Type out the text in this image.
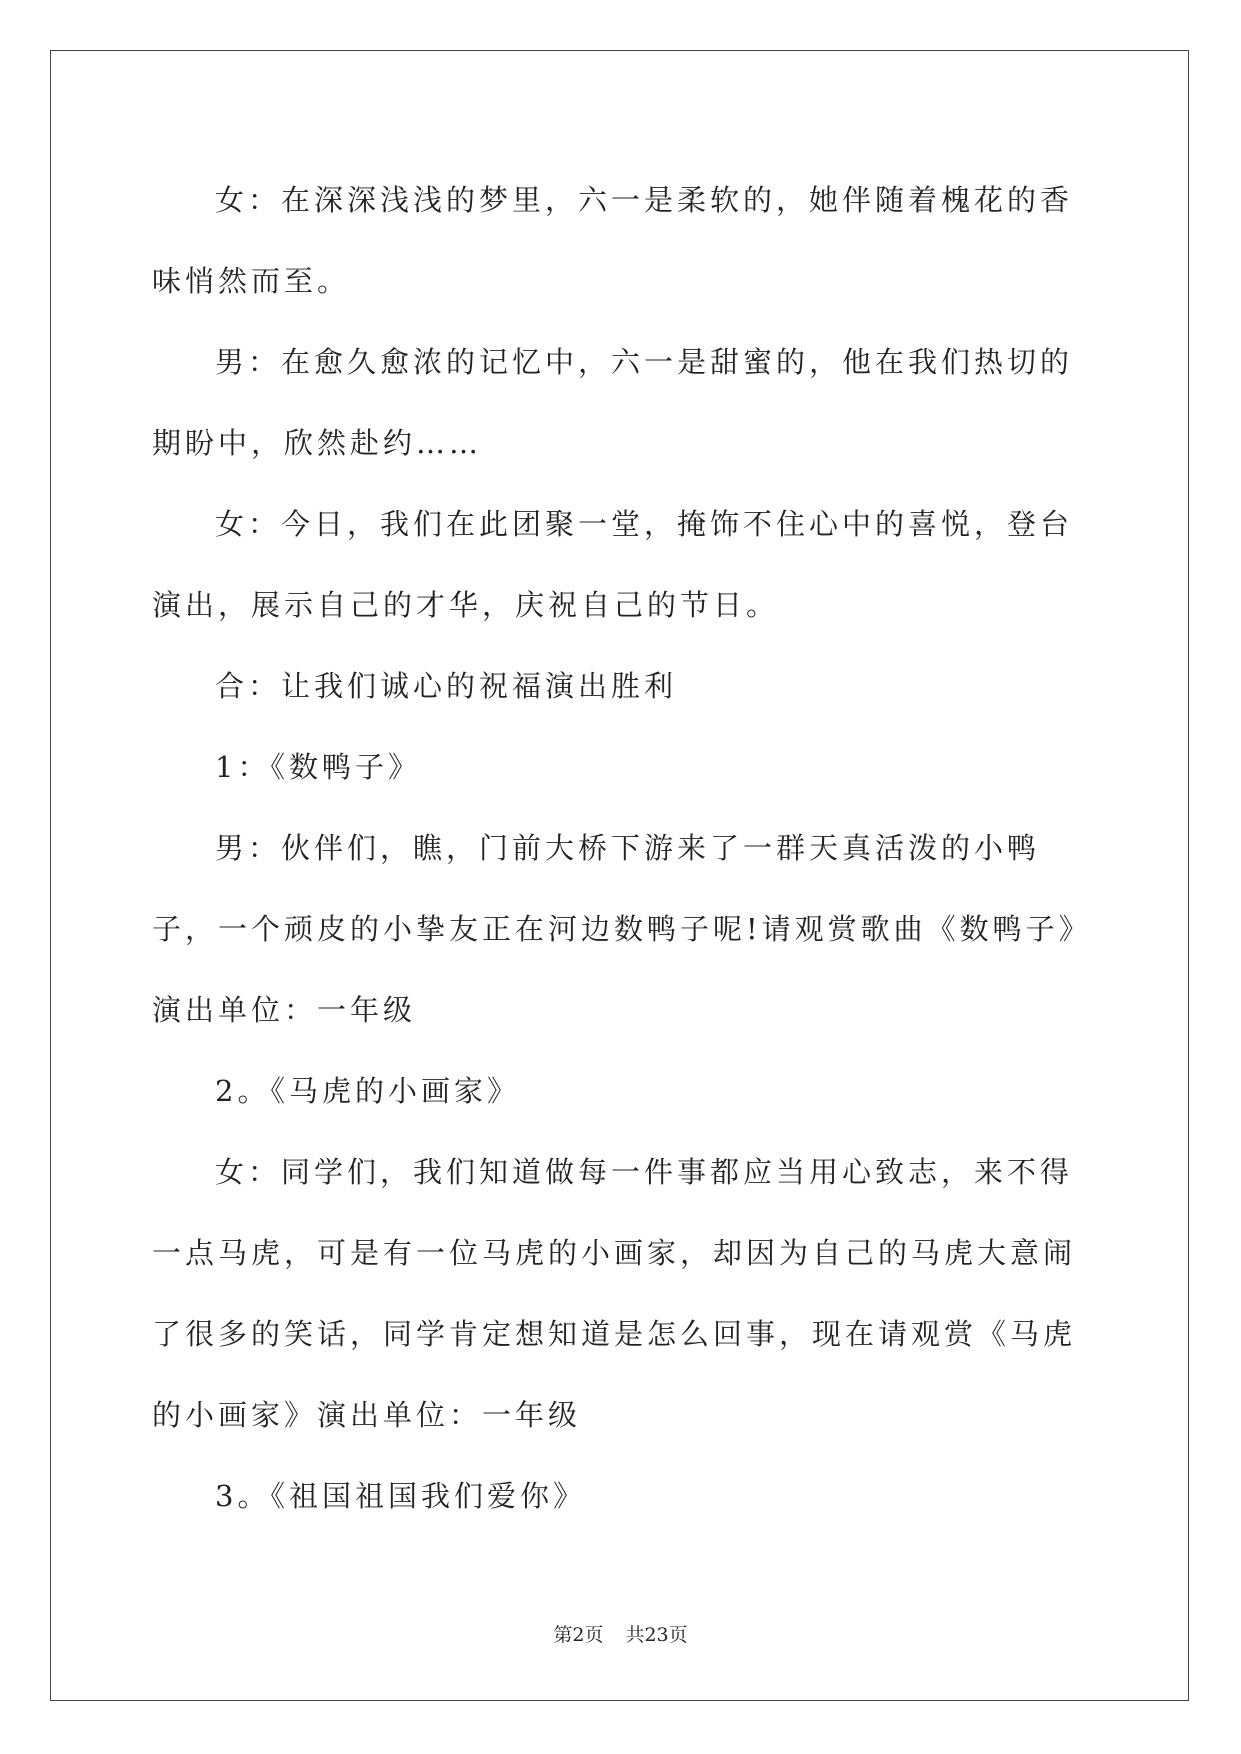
女：在深深浅浅的梦里，六一是柔软的，她伴随着槐花的香味悄然而至。

男：在愈久愈浓的记忆中，六一是甜蜜的，他在我们热切的期盼中，欣然赴约……

女：今日，我们在此团聚一堂，掩饰不住心中的喜悦，登台演出，展示自己的才华，庆祝自己的节日。

合：让我们诚心的祝福演出胜利

1：《数鸭子》

男：伙伴们，瞧，门前大桥下游来了一群天真活泼的小鸭子，一个顽皮的小挚友正在河边数鸭子呢!请观赏歌曲《数鸭子》演出单位：一年级

2。《马虎的小画家》

女：同学们，我们知道做每一件事都应当用心致志，来不得一点马虎，可是有一位马虎的小画家，却因为自己的马虎大意闹了很多的笑话，同学肯定想知道是怎么回事，现在请观赏《马虎的小画家》演出单位：一年级

3。《祖国祖国我们爱你》

第2页 共23页
